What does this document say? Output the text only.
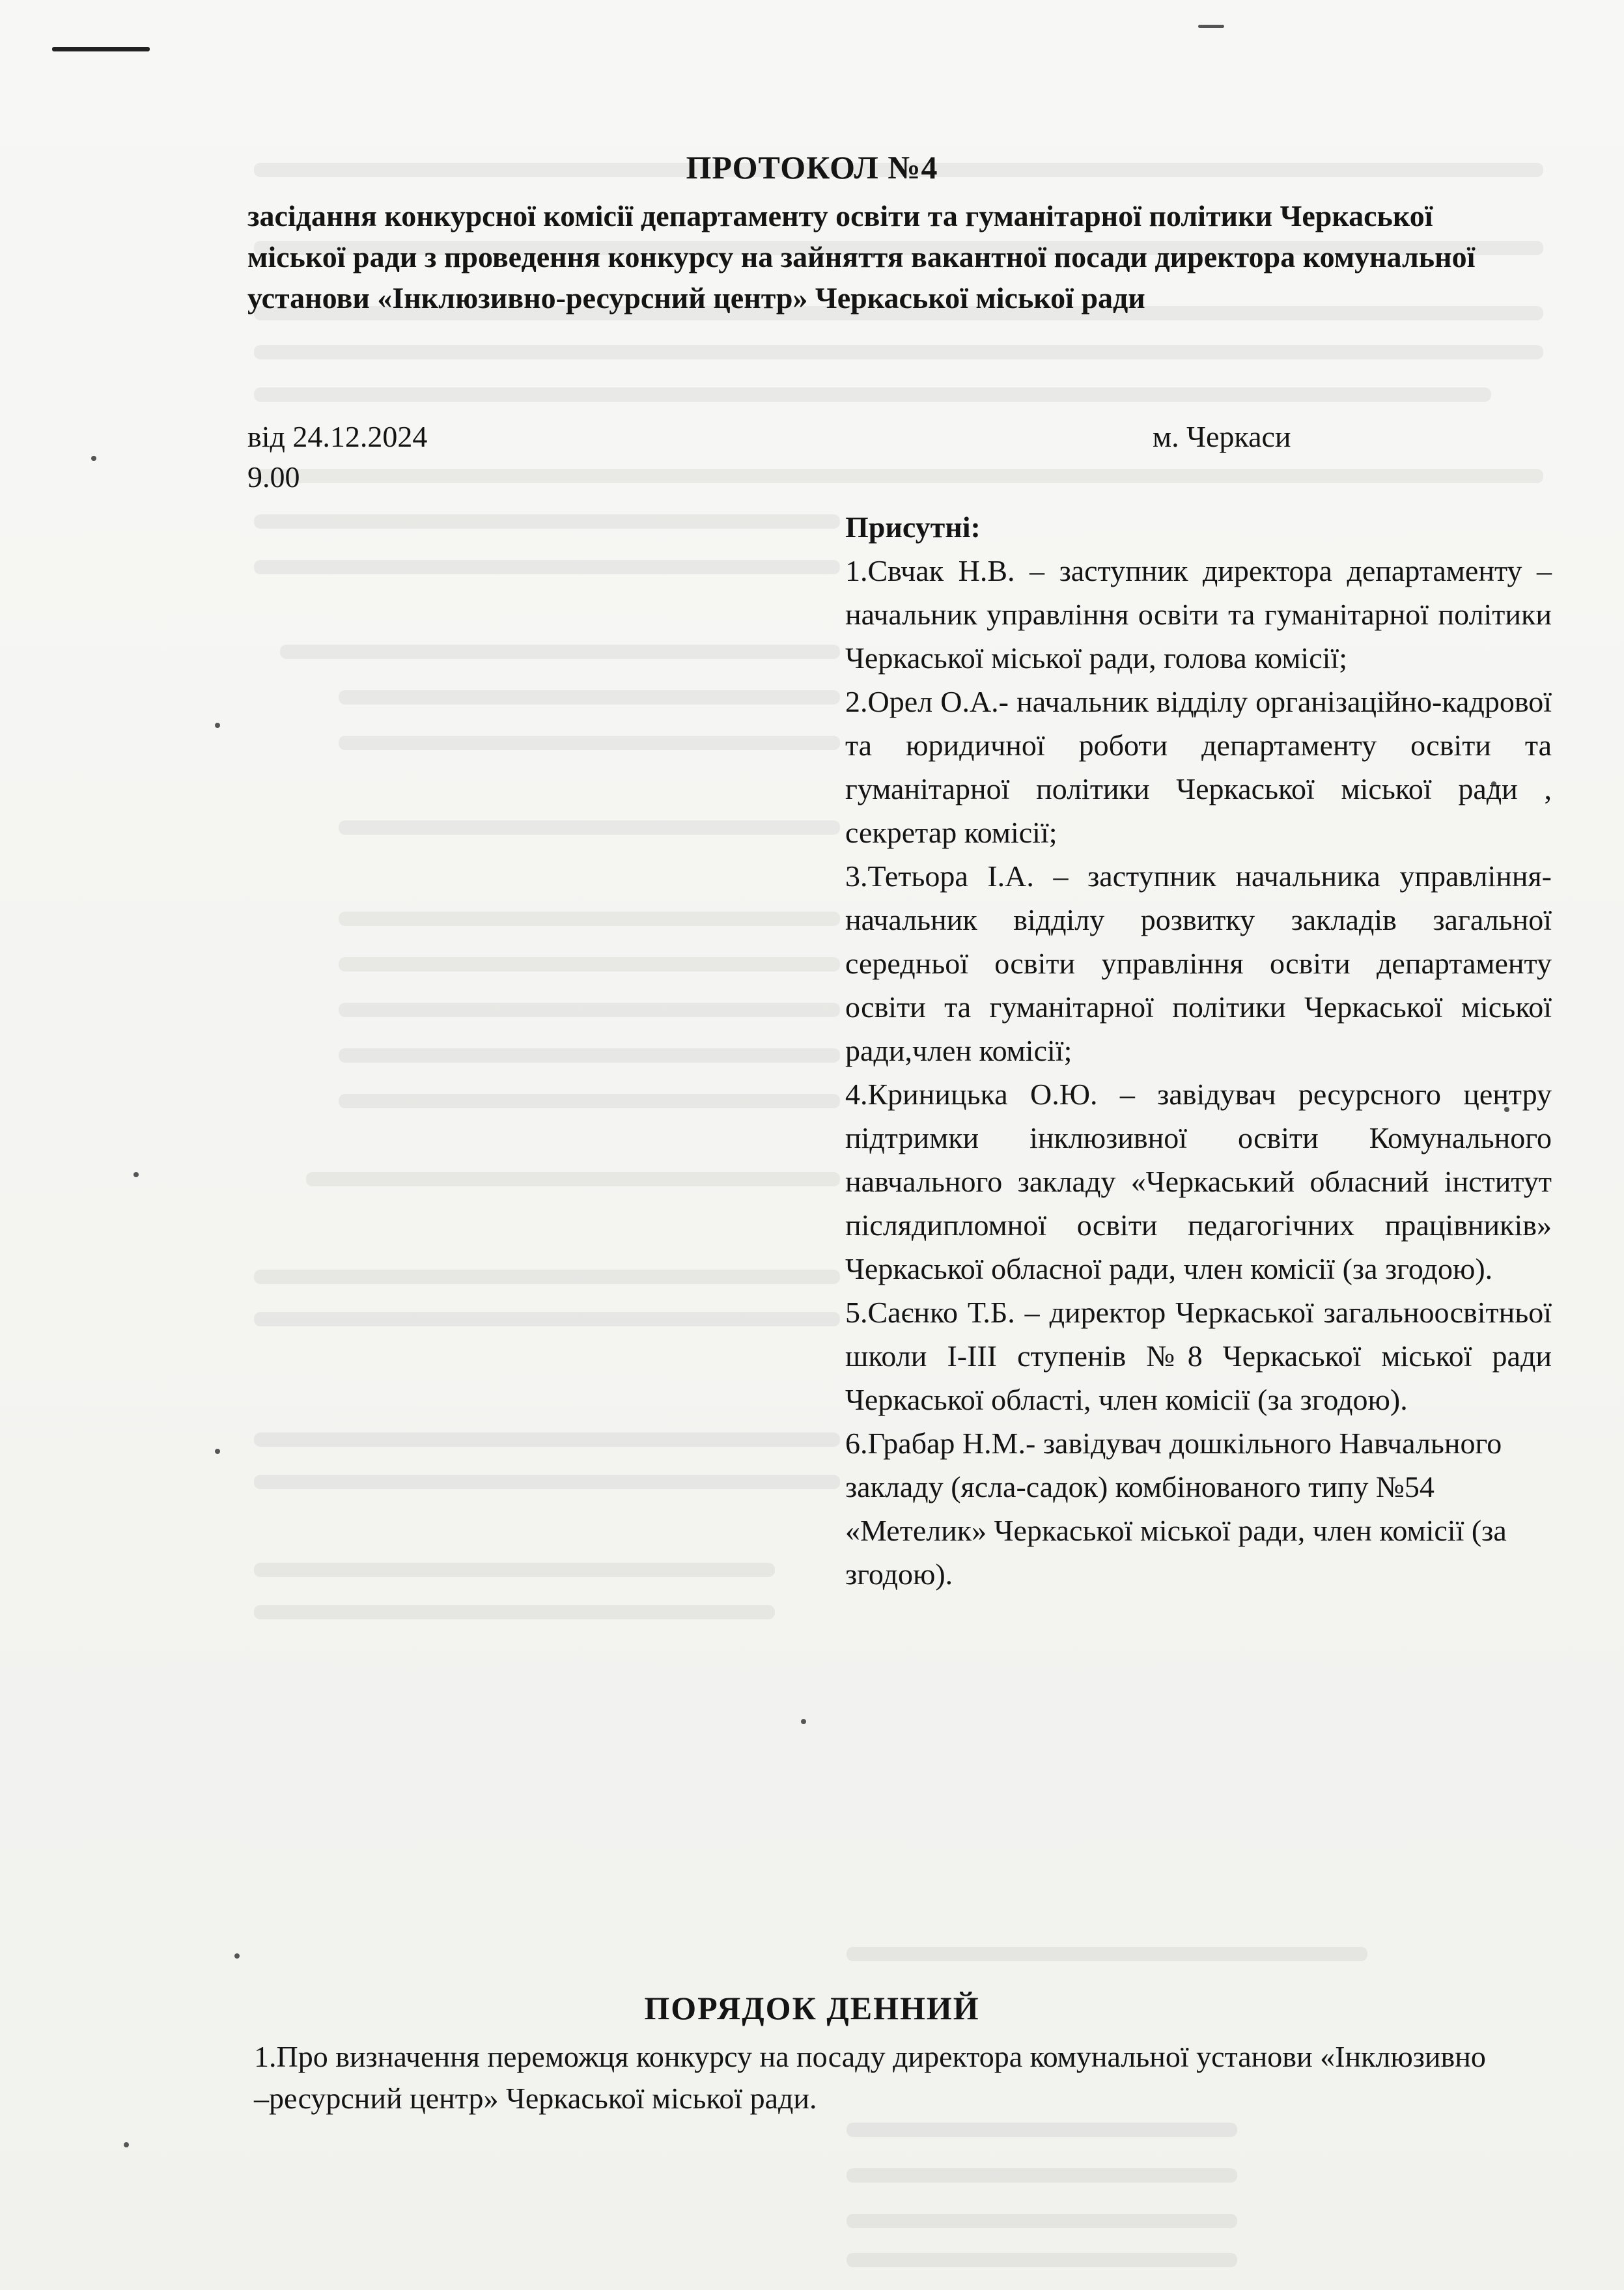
ПРОТОКОЛ №4
засідання конкурсної комісії департаменту освіти та гуманітарної політики Черкаської міської ради з проведення конкурсу на зайняття вакантної посади директора комунальної установи «Інклюзивно-ресурсний центр» Черкаської міської ради
від 24.12.2024
9.00
м. Черкаси
Присутні:
1.Свчак Н.В. – заступник директора департаменту – начальник управління освіти та гуманітарної політики Черкаської міської ради, голова комісії;
2.Орел О.А.- начальник відділу організаційно-кадрової та юридичної роботи департаменту освіти та гуманітарної політики Черкаської міської ради , секретар комісії;
3.Тетьора І.А. – заступник начальника управління-начальник відділу розвитку закладів загальної середньої освіти управління освіти департаменту освіти та гуманітарної політики Черкаської міської ради,член комісії;
4.Криницька О.Ю. – завідувач ресурсного центру підтримки інклюзивної освіти Комунального навчального закладу «Черкаський обласний інститут післядипломної освіти педагогічних працівників» Черкаської обласної ради, член комісії (за згодою).
5.Саєнко Т.Б. – директор Черкаської загальноосвітньої школи І-ІІІ ступенів №8 Черкаської міської ради Черкаської області, член комісії (за згодою).
6.Грабар Н.М.- завідувач дошкільного Навчального закладу (ясла-садок) комбінованого типу №54 «Метелик» Черкаської міської ради, член комісії (за згодою).
ПОРЯДОК ДЕННИЙ
1.Про визначення переможця конкурсу на посаду директора комунальної установи «Інклюзивно –ресурсний центр» Черкаської міської ради.
